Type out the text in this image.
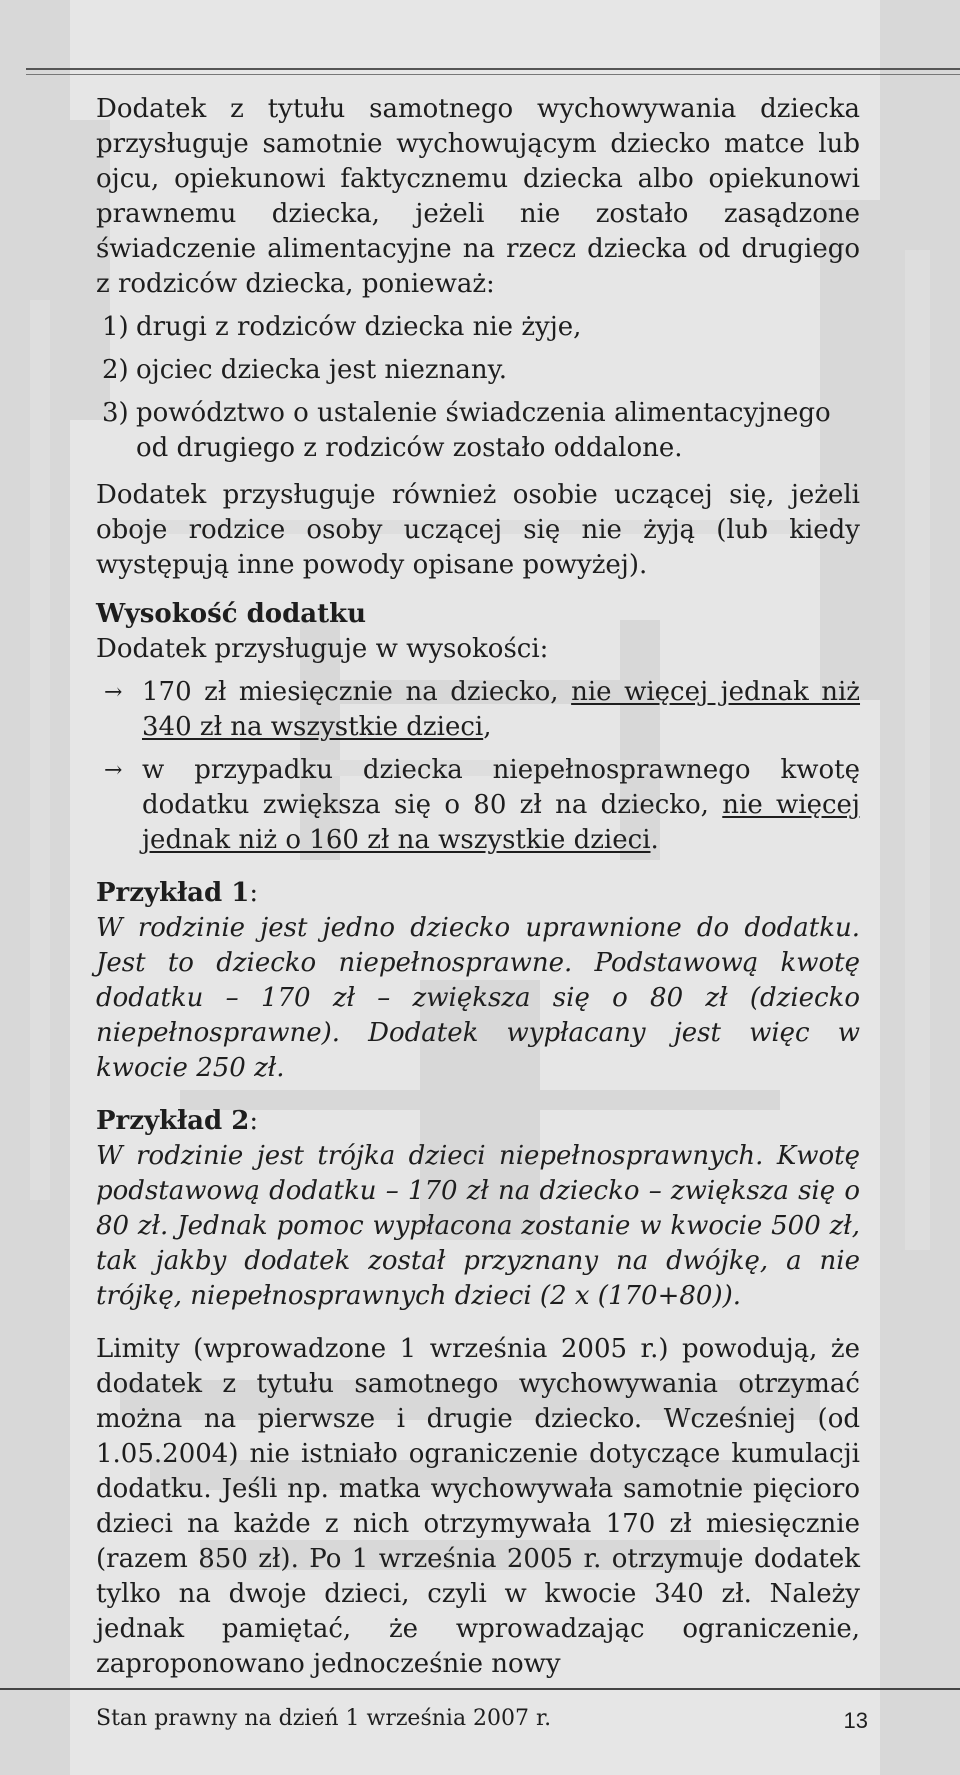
Dodatek z tytułu samotnego wychowywania dziecka przysługuje samotnie wychowującym dziecko matce lub ojcu, opiekunowi faktycznemu dziecka albo opiekunowi prawnemu dziecka, jeżeli nie zostało zasądzone świadczenie alimentacyjne na rzecz dziecka od drugiego z rodziców dziecka, ponieważ:

1) drugi z rodziców dziecka nie żyje,
2) ojciec dziecka jest nieznany.
3) powództwo o ustalenie świadczenia alimentacyjnego od drugiego z rodziców zostało oddalone.

Dodatek przysługuje również osobie uczącej się, jeżeli oboje rodzice osoby uczącej się nie żyją (lub kiedy występują inne powody opisane powyżej).

Wysokość dodatku

Dodatek przysługuje w wysokości:

→ 170 zł miesięcznie na dziecko, nie więcej jednak niż 340 zł na wszystkie dzieci,
→ w przypadku dziecka niepełnosprawnego kwotę dodatku zwiększa się o 80 zł na dziecko, nie więcej jednak niż o 160 zł na wszystkie dzieci.
Przykład 1:

W rodzinie jest jedno dziecko uprawnione do dodatku. Jest to dziecko niepełnosprawne. Podstawową kwotę dodatku – 170 zł – zwiększa się o 80 zł (dziecko niepełnosprawne). Dodatek wypłacany jest więc w kwocie 250 zł.

Przykład 2:

W rodzinie jest trójka dzieci niepełnosprawnych. Kwotę podstawową dodatku – 170 zł na dziecko – zwiększa się o 80 zł. Jednak pomoc wypłacona zostanie w kwocie 500 zł, tak jakby dodatek został przyznany na dwójkę, a nie trójkę, niepełnosprawnych dzieci (2 x (170+80)).

Limity (wprowadzone 1 września 2005 r.) powodują, że dodatek z tytułu samotnego wychowywania otrzymać można na pierwsze i drugie dziecko. Wcześniej (od 1.05.2004) nie istniało ograniczenie dotyczące kumulacji dodatku. Jeśli np. matka wychowywała samotnie pięcioro dzieci na każde z nich otrzymywała 170 zł miesięcznie (razem 850 zł). Po 1 września 2005 r. otrzymuje dodatek tylko na dwoje dzieci, czyli w kwocie 340 zł. Należy jednak pamiętać, że wprowadzając ograniczenie, zaproponowano jednocześnie nowy

Stan prawny na dzień 1 września 2007 r.	13
